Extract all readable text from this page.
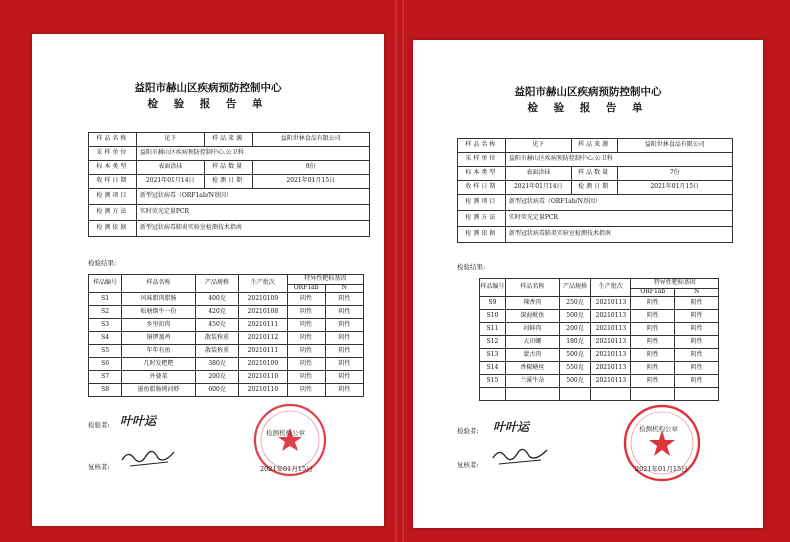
益阳市赫山区疾病预防控制中心
检 验 报 告 单
样品名称	见下	样品来源	益阳世林食品有限公司
采样单位	益阳市赫山区疾病预防控制中心.公卫科		
标本类型	表面涂抹	样品数量	8份
收样日期	2021年01月14日	检测日期	2021年01月15日
检测项目	新型冠状病毒（ORF1ab/N基因）		
检测方法	实时荧光定量PCR		
检测依据	新型冠状病毒肺炎实验室检测技术指南		
检验结果:
样品编号	样品名称	产品规格	生产批次	特异性靶标基因	
				ORF1ab	N
S1	风味腊肉腊肠	400克	20210109	阴性	阴性
S2	松塘倒牛一份	420克	20210108	阴性	阴性
S3	乡里扣肉	450克	20210111	阴性	阴性
S4	铜锣蒸鸡	散装称重	20210112	阴性	阴性
S5	年年有鱼	散装称重	20210111	阴性	阴性
S6	几时发粑粑	380克	20210109	阴性	阴性
S7	外婆菜	200克	20210110	阴性	阴性
S8	墨鱼腊肠烤河虾	600克	20210110	阴性	阴性
检验者: 叶叶运
复核者:	王之
检测机构公章
2021年01月15日
益阳市赫山区疾病预防控制中心
检 验 报 告 单
样品名称	见下	样品来源	益阳世林食品有限公司
采样单位	益阳市赫山区疾病预防控制中心.公卫科		
标本类型	表面涂抹	样品数量	7份
收样日期	2021年01月14日	检测日期	2021年01月15日
检测项目	新型冠状病毒（ORF1ab/N基因）		
检测方法	实时荧光定量PCR		
检测依据	新型冠状病毒肺炎实验室检测技术指南		
检验结果:
样品编号	样品名称	产品规格	生产批次	特异性靶标基因	
				ORF1ab	N
S9	辣香肉	250克	20210113	阴性	阴性
S10	深海鱿鱼	500克	20210113	阴性	阴性
S11	河鲜肉	200克	20210113	阴性	阴性
S12	大田螺	180克	20210113	阴性	阴性
S13	蒙古肉	500克	20210113	阴性	阴性
S14	香椒鳝丝	550克	20210113	阴性	阴性
S15	兰溪牛杂	500克	20210113	阴性	阴性

检验者: 叶叶运
复核者:	王之
检测机构公章
2021年01月15日
